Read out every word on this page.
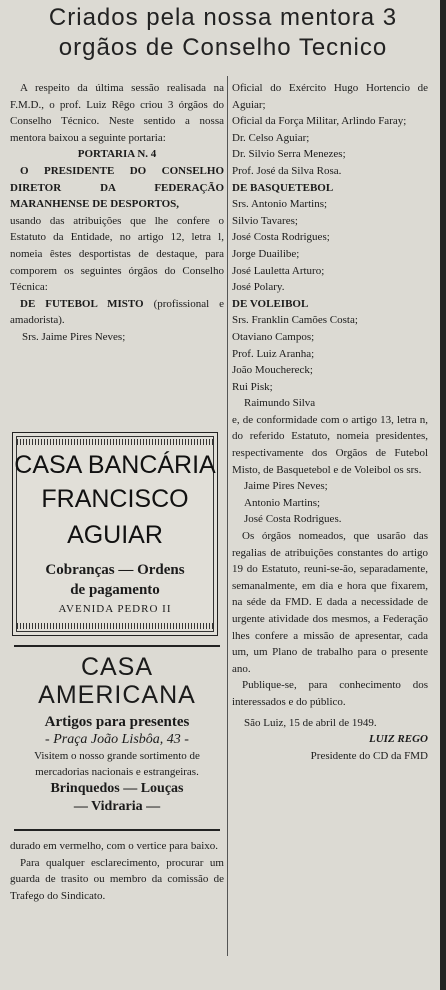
Criados pela nossa mentora 3
orgãos de Conselho Tecnico

A respeito da última sessão realisada na F.M.D., o prof. Luiz Rêgo criou 3 órgãos do Conselho Técnico. Neste sentido a nossa mentora baixou a seguinte portaria:

PORTARIA N. 4

O PRESIDENTE DO CONSELHO DIRETOR DA FEDERAÇÃO MARANHENSE DE DESPORTOS,

usando das atribuições que lhe confere o Estatuto da Entidade, no artigo 12, letra l, nomeia êstes desportistas de destaque, para comporem os seguintes órgãos do Conselho Técnica:

DE FUTEBOL MISTO (profissional e amadorista).

Srs. Jaime Pires Neves;

CASA BANCÁRIA
FRANCISCO
AGUIAR
Cobranças — Ordens
de pagamento
AVENIDA PEDRO II
CASA AMERICANA

Artigos para presentes

- Praça João Lisbôa, 43 -

Visitem o nosso grande sortimento de mercadorias nacionais e estrangeiras.

Brinquedos — Louças

— Vidraria —

durado em vermelho, com o vertice para baixo.

Para qualquer esclarecimento, procurar um guarda de trasito ou membro da comissão de Trafego do Sindicato.

Oficial do Exército Hugo Hortencio de Aguiar;

Oficial da Força Militar, Arlindo Faray;

Dr. Celso Aguiar;

Dr. Silvio Serra Menezes;

Prof. José da Silva Rosa.

DE BASQUETEBOL

Srs. Antonio Martins;

Silvio Tavares;

José Costa Rodrigues;

Jorge Duailibe;

José Lauletta Arturo;

José Polary.

DE VOLEIBOL

Srs. Franklin Camões Costa;

Otaviano Campos;

Prof. Luiz Aranha;

João Mouchereck;

Rui Pisk;

Raimundo Silva

e, de conformidade com o artigo 13, letra n, do referido Estatuto, nomeia presidentes, respectivamente dos Orgãos de Futebol Misto, de Basquetebol e de Voleibol os srs.

Jaime Pires Neves;

Antonio Martins;

José Costa Rodrigues.

Os órgãos nomeados, que usarão das regalias de atribuições constantes do artigo 19 do Estatuto, reuni-se-ão, separadamente, semanalmente, em dia e hora que fixarem, na séde da FMD. E dada a necessidade de urgente atividade dos mesmos, a Federação lhes confere a missão de apresentar, cada um, um Plano de trabalho para o presente ano.

Publique-se, para conhecimento dos interessados e do público.

São Luiz, 15 de abril de 1949.

LUIZ REGO

Presidente do CD da FMD
